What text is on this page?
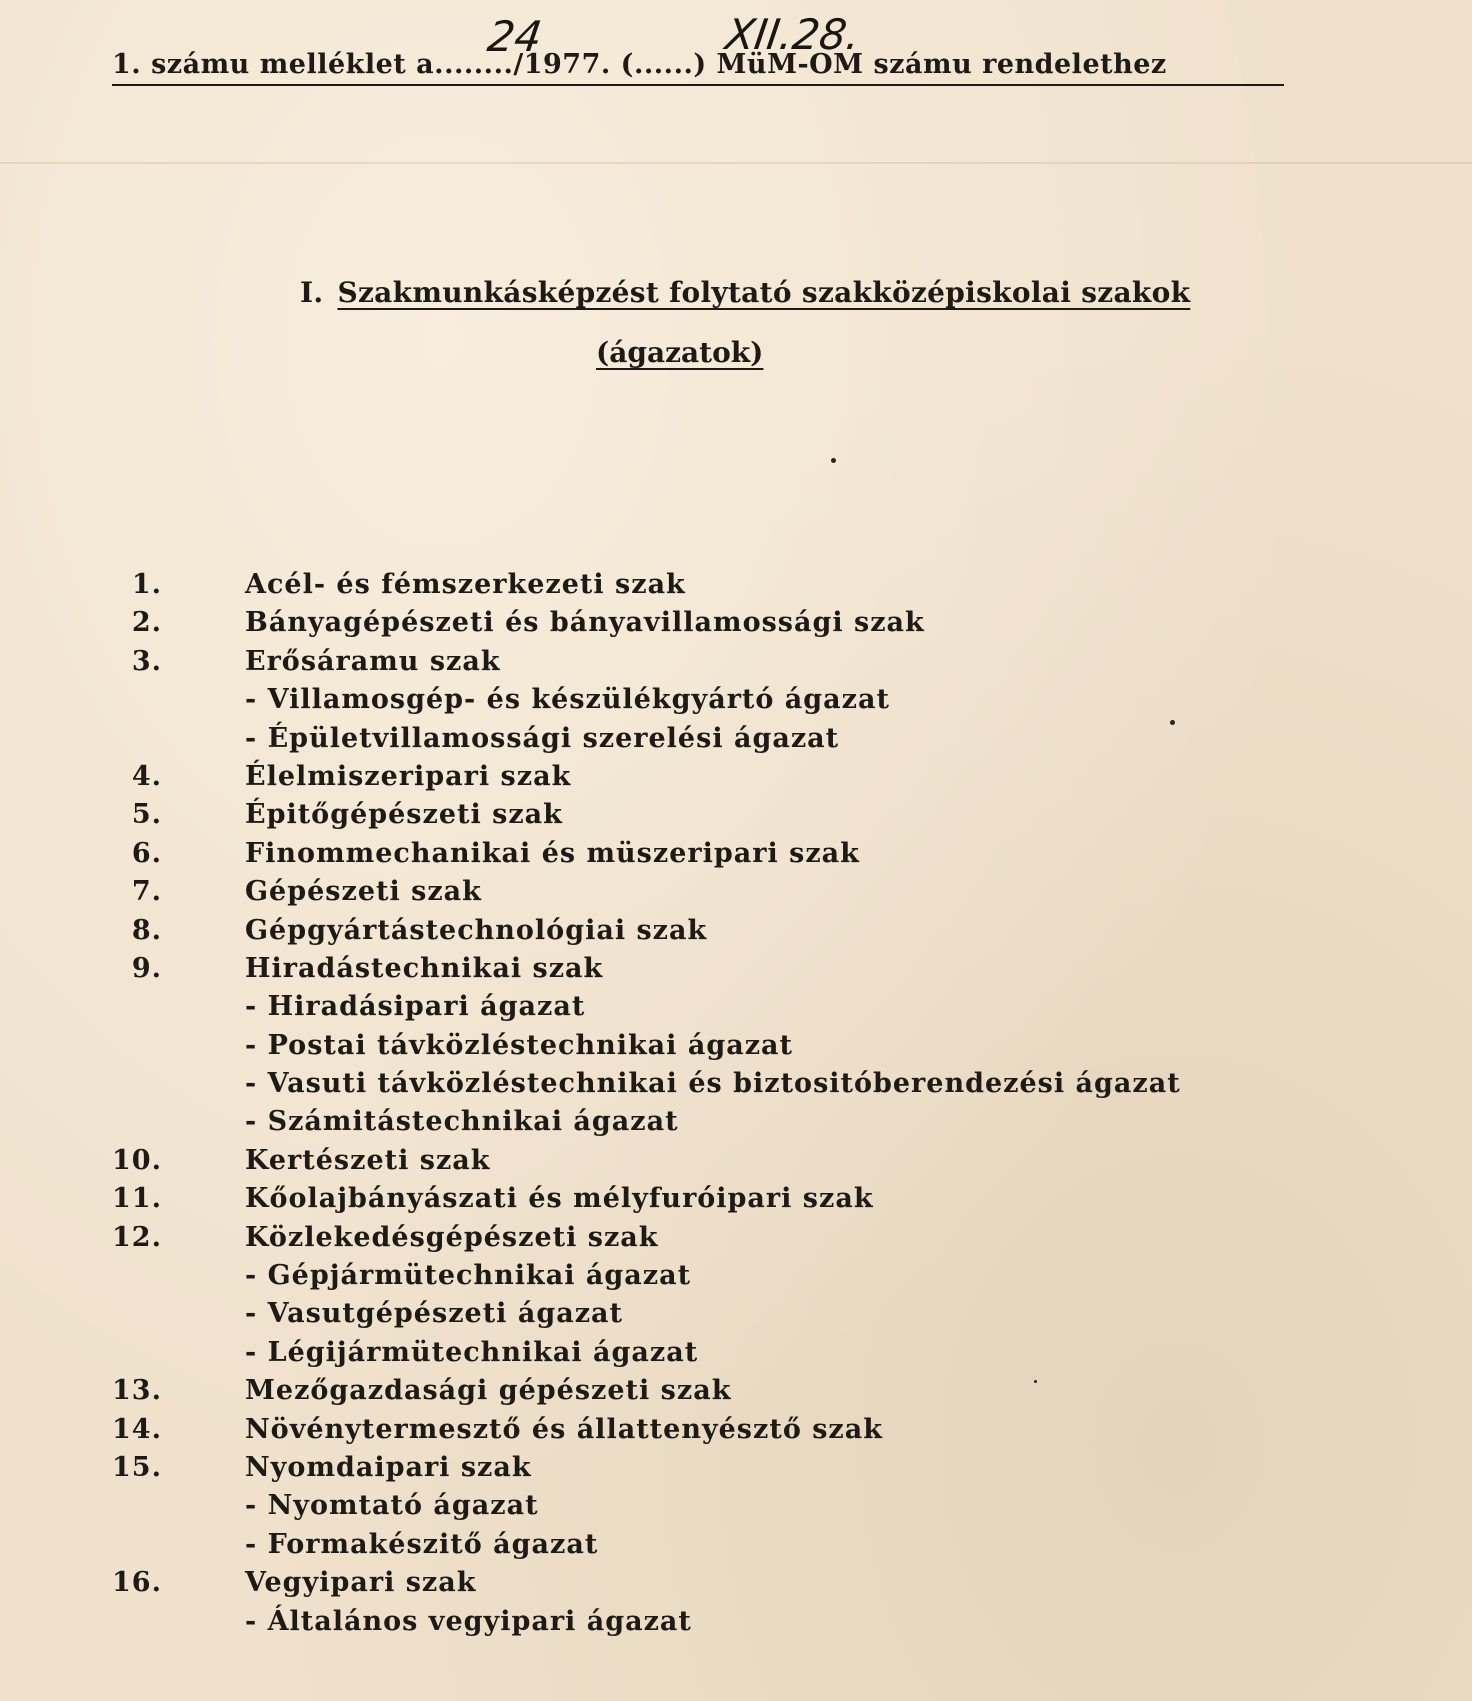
1. számu melléklet a......../1977. (......) MüM-OM számu rendelethez
24	XII.28.
I. Szakmunkásképzést folytató szakközépiskolai szakok
(ágazatok)
1.	Acél- és fémszerkezeti szak
2.	Bányagépészeti és bányavillamossági szak
3.	Erősáramu szak
- Villamosgép- és készülékgyártó ágazat
- Épületvillamossági szerelési ágazat
4.	Élelmiszeripari szak
5.	Épitőgépészeti szak
6.	Finommechanikai és müszeripari szak
7.	Gépészeti szak
8.	Gépgyártástechnológiai szak
9.	Hiradástechnikai szak
- Hiradásipari ágazat
- Postai távközléstechnikai ágazat
- Vasuti távközléstechnikai és biztositóberendezési ágazat
- Számitástechnikai ágazat
10.	Kertészeti szak
11.	Kőolajbányászati és mélyfuróipari szak
12.	Közlekedésgépészeti szak
- Gépjármütechnikai ágazat
- Vasutgépészeti ágazat
- Légijármütechnikai ágazat
13.	Mezőgazdasági gépészeti szak
14.	Növénytermesztő és állattenyésztő szak
15.	Nyomdaipari szak
- Nyomtató ágazat
- Formakészitő ágazat
16.	Vegyipari szak
- Általános vegyipari ágazat
